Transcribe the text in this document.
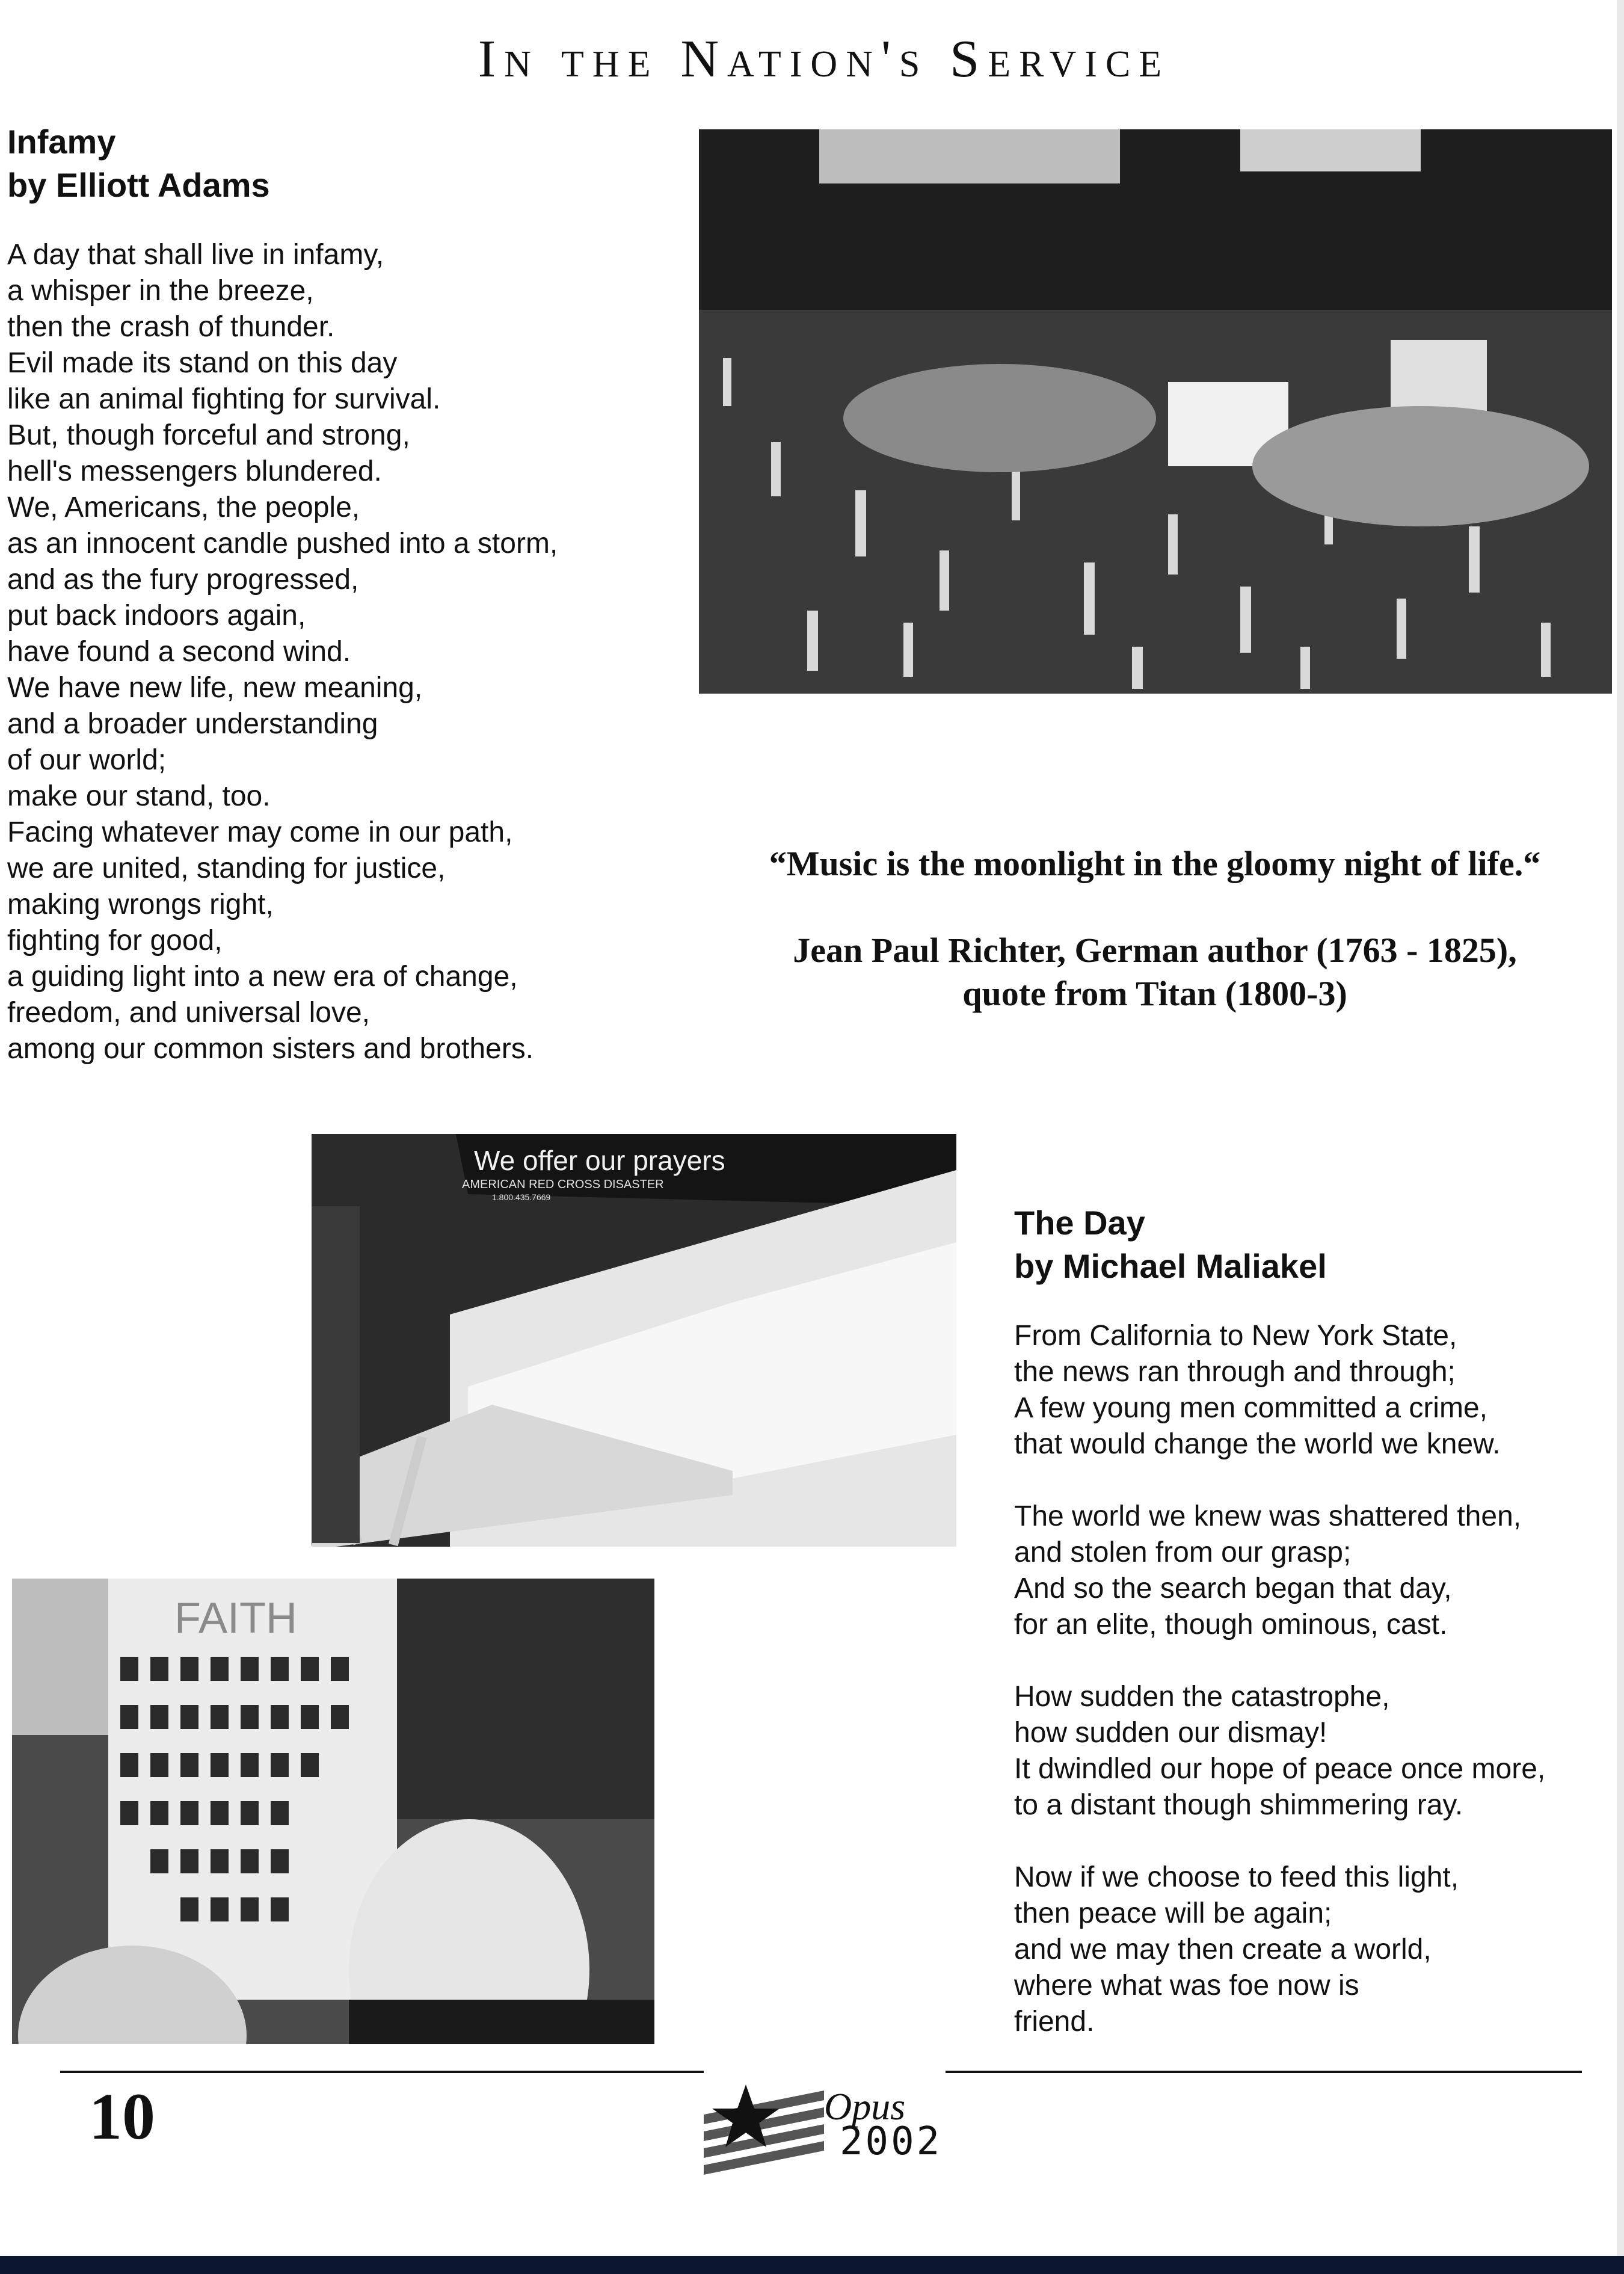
In the Nation's Service
Infamy
by Elliott Adams
A day that shall live in infamy,
a whisper in the breeze,
then the crash of thunder.
Evil made its stand on this day
like an animal fighting for survival.
But, though forceful and strong,
hell's messengers blundered.
We, Americans, the people,
as an innocent candle pushed into a storm,
and as the fury progressed,
put back indoors again,
have found a second wind.
We have new life, new meaning,
and a broader understanding
of our world;
make our stand, too.
Facing whatever may come in our path,
we are united, standing for justice,
making wrongs right,
fighting for good,
a guiding light into a new era of change,
freedom, and universal love,
among our common sisters and brothers.
“Music is the moonlight in the gloomy night of life.“
Jean Paul Richter, German author (1763 - 1825),
quote from Titan (1800-3)
We offer our prayers
AMERICAN RED CROSS DISASTER
1.800.435.7669
FAITH
The Day
by Michael Maliakel
From California to New York State,
the news ran through and through;
A few young men committed a crime,
that would change the world we knew.
The world we knew was shattered then,
and stolen from our grasp;
And so the search began that day,
for an elite, though ominous, cast.
How sudden the catastrophe,
how sudden our dismay!
It dwindled our hope of peace once more,
to a distant though shimmering ray.
Now if we choose to feed this light,
then peace will be again;
and we may then create a world,
where what was foe now is
friend.
10	Opus
2002
